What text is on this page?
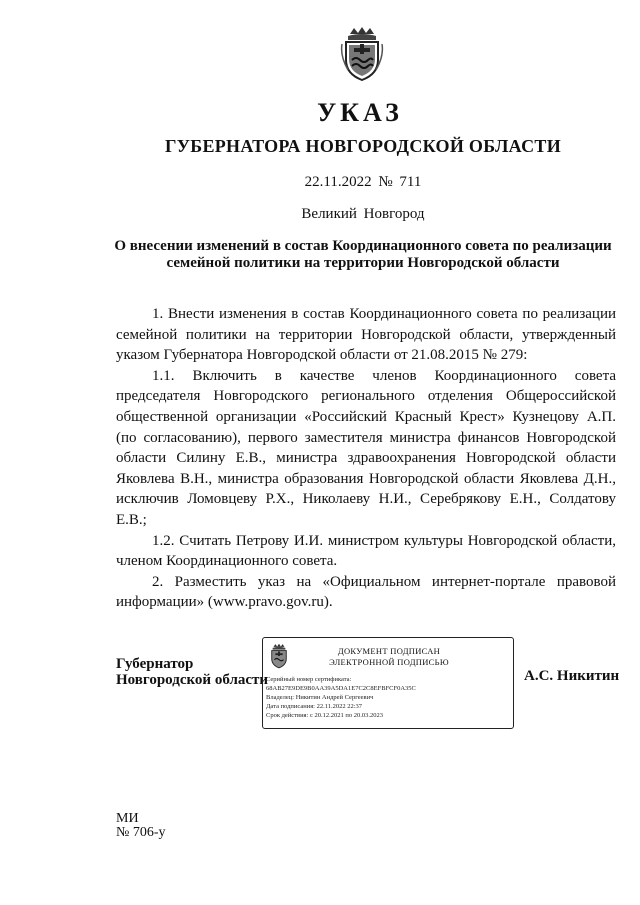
УКАЗ
ГУБЕРНАТОРА НОВГОРОДСКОЙ ОБЛАСТИ
22.11.2022 № 711
Великий Новгород
О внесении изменений в состав Координационного совета по реализации
семейной политики на территории Новгородской области

1. Внести изменения в состав Координационного совета по реализации семейной политики на территории Новгородской области, утвержденный указом Губернатора Новгородской области от 21.08.2015 № 279:

1.1. Включить в качестве членов Координационного совета председателя Новгородского регионального отделения Общероссийской общественной организации «Российский Красный Крест» Кузнецову А.П. (по согласованию), первого заместителя министра финансов Новгородской области Силину Е.В., министра здравоохранения Новгородской области Яковлева В.Н., министра образования Новгородской области Яковлева Д.Н., исключив Ломовцеву Р.Х., Николаеву Н.И., Серебрякову Е.Н., Солдатову Е.В.;

1.2. Считать Петрову И.И. министром культуры Новгородской области, членом Координационного совета.

2. Разместить указ на «Официальном интернет-портале правовой информации» (www.pravo.gov.ru).

Губернатор
Новгородской области
ДОКУМЕНТ ПОДПИСАН
ЭЛЕКТРОННОЙ ПОДПИСЬЮ
Серийный номер сертификата:
68AB27E9DE9B0AA39A5DA1E7C2C8EFBFCF0A35C
Владелец: Никитин Андрей Сергеевич
Дата подписания: 22.11.2022 22:37
Срок действия: с 20.12.2021 по 20.03.2023
А.С. Никитин
МИ
№ 706-у
